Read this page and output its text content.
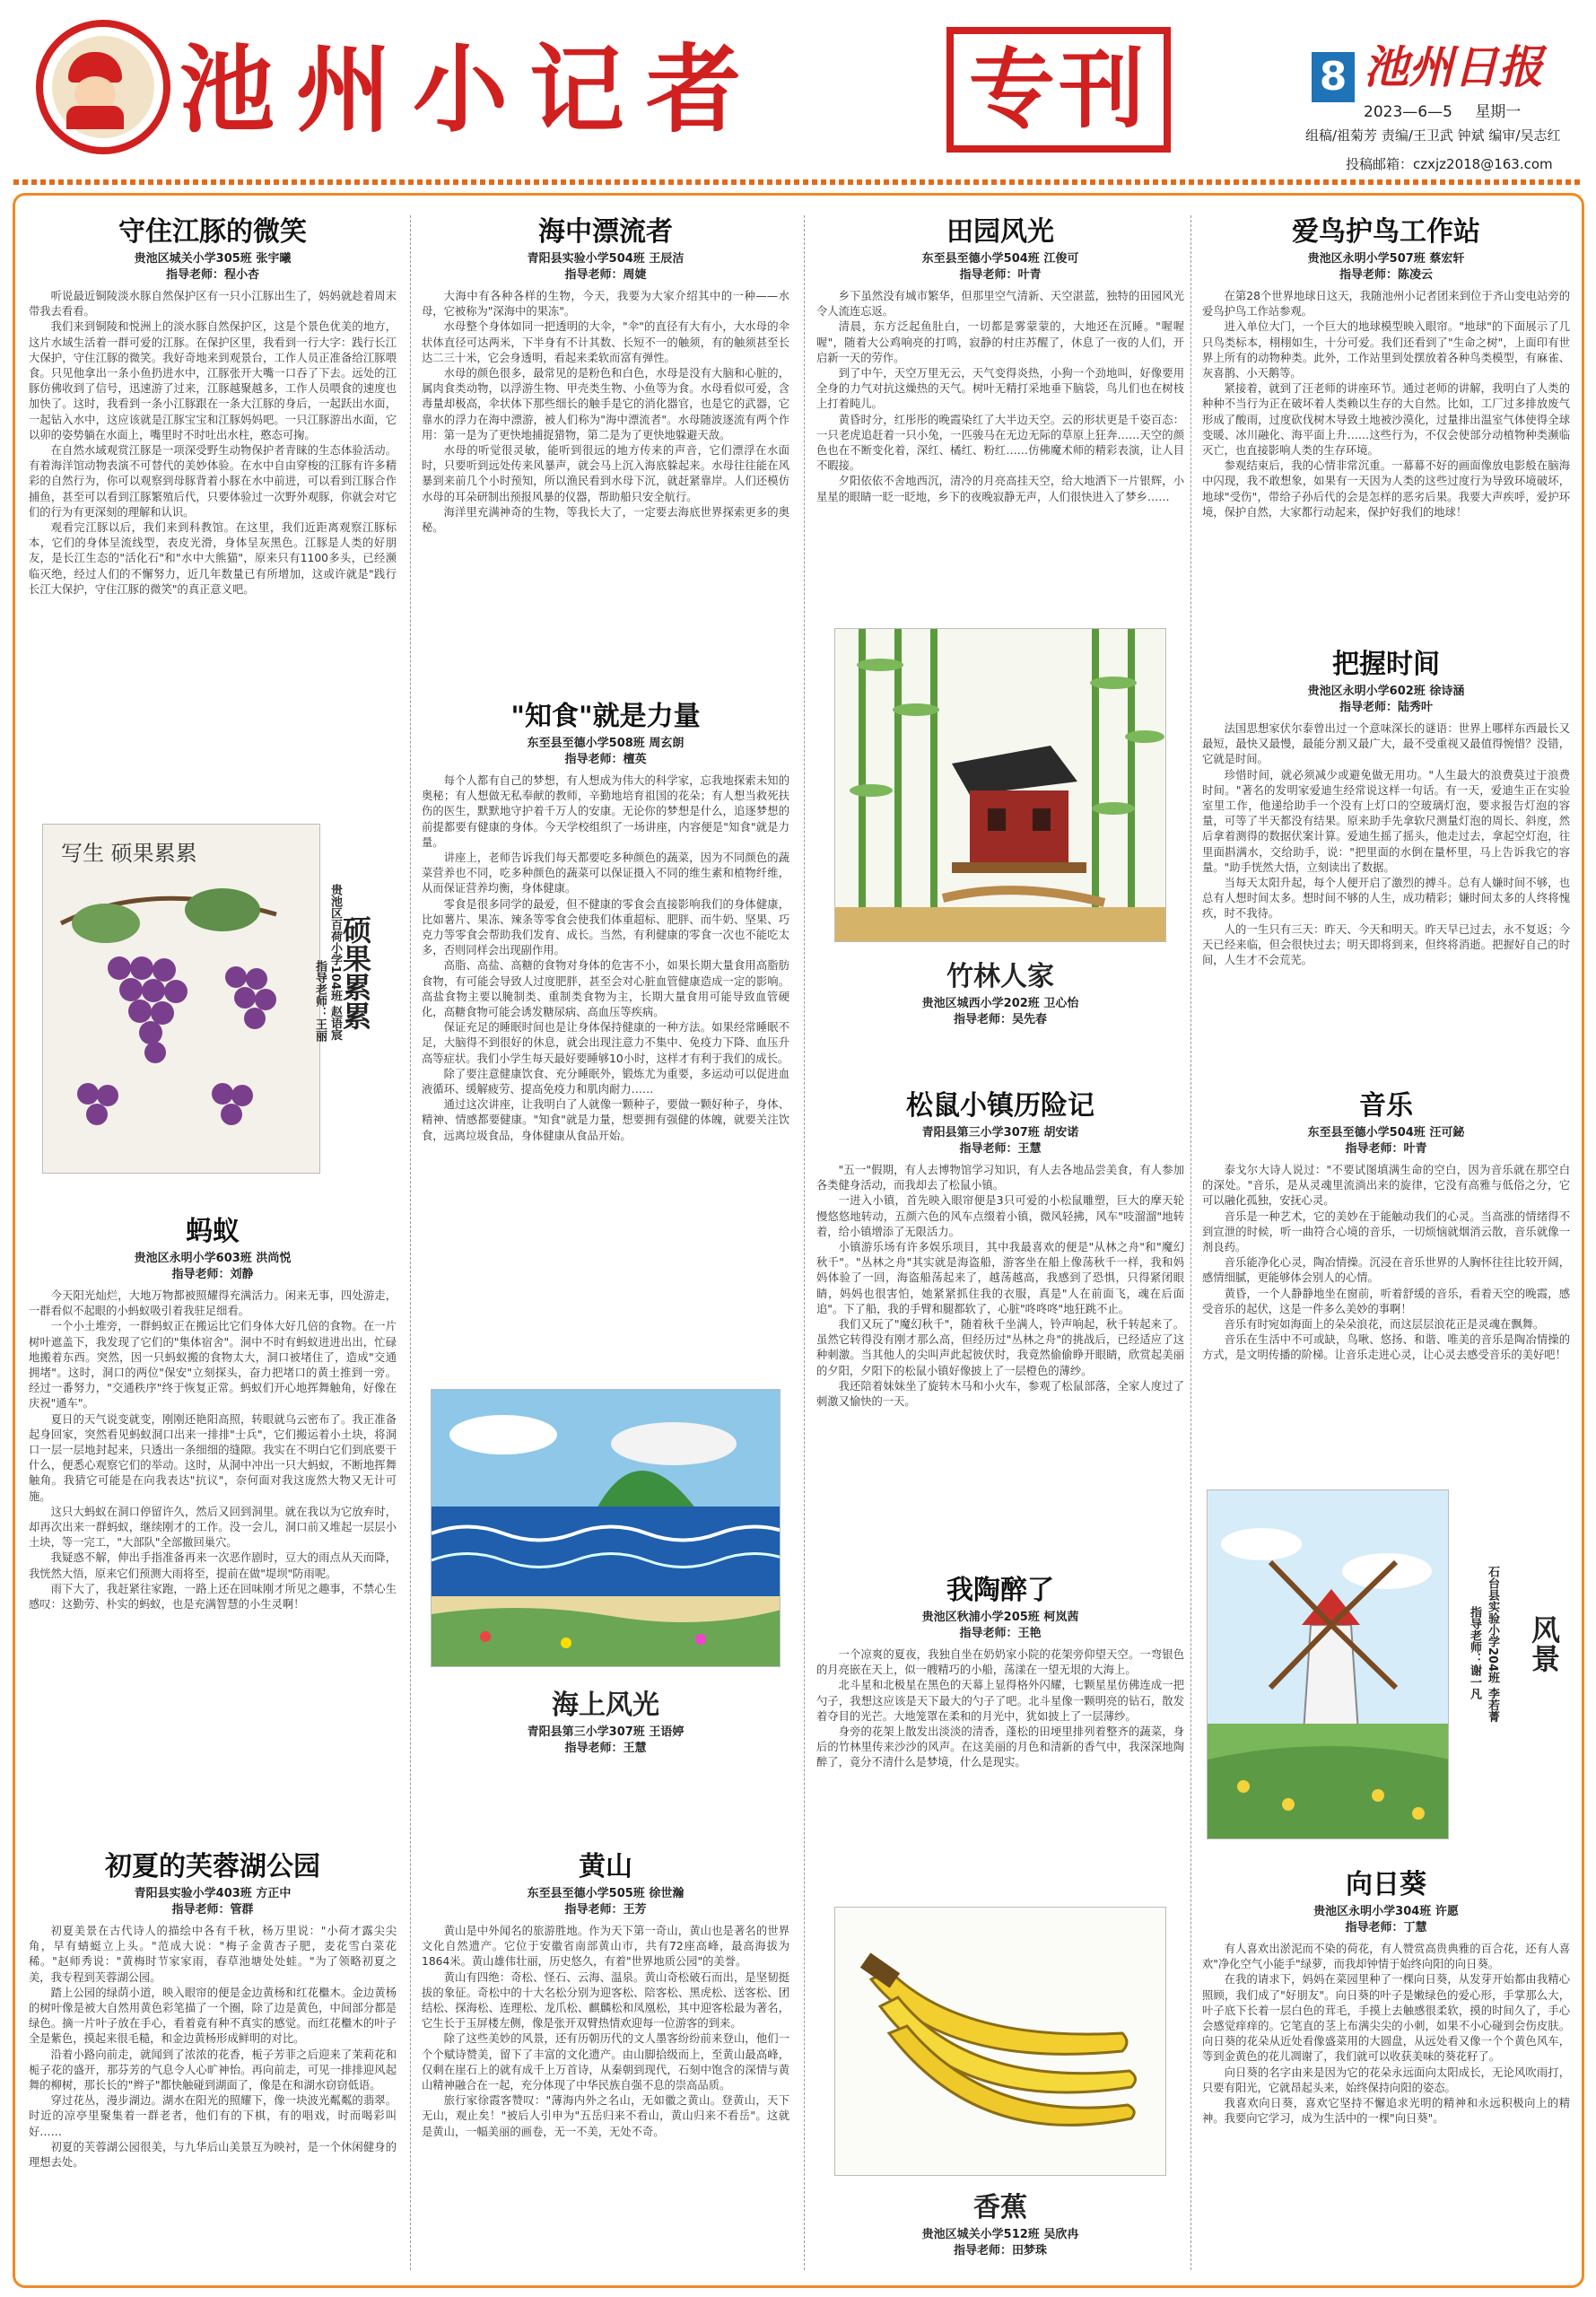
池州小记者 专刊	8 池州日报
2023—6—5 星期一
组稿/祖菊芳 责编/王卫武 钟斌 编审/吴志红
投稿邮箱：czxjz2018@163.com
守住江豚的微笑

贵池区城关小学305班 张宇曦

指导老师：程小杏

听说最近铜陵淡水豚自然保护区有一只小江豚出生了，妈妈就趁着周末带我去看看。

我们来到铜陵和悦洲上的淡水豚自然保护区，这是个景色优美的地方，这片水域生活着一群可爱的江豚。在保护区里，我看到一行大字：践行长江大保护，守住江豚的微笑。我好奇地来到观景台，工作人员正准备给江豚喂食。只见他拿出一条小鱼扔进水中，江豚张开大嘴一口吞了下去。远处的江豚仿佛收到了信号，迅速游了过来，江豚越聚越多，工作人员喂食的速度也加快了。这时，我看到一条小江豚跟在一条大江豚的身后，一起跃出水面，一起钻入水中，这应该就是江豚宝宝和江豚妈妈吧。一只江豚游出水面，它以卯的姿势躺在水面上，嘴里时不时吐出水柱，憨态可掬。

在自然水域观赏江豚是一项深受野生动物保护者青睐的生态体验活动。有着海洋馆动物表演不可替代的美妙体验。在水中自由穿梭的江豚有许多精彩的自然行为，你可以观察到母豚背着小豚在水中前进，可以看到江豚合作捕鱼，甚至可以看到江豚繁殖后代，只要体验过一次野外观豚，你就会对它们的行为有更深刻的理解和认识。

观看完江豚以后，我们来到科教馆。在这里，我们近距离观察江豚标本，它们的身体呈流线型，表皮光滑，身体呈灰黑色。江豚是人类的好朋友，是长江生态的"活化石"和"水中大熊猫"，原来只有1100多头，已经濒临灭绝，经过人们的不懈努力，近几年数量已有所增加，这或许就是"践行长江大保护，守住江豚的微笑"的真正意义吧。

写生 硕果累累
硕果累累
贵池区百荷小学104班 赵语宸
指导老师：王丽
蚂蚁

贵池区永明小学603班 洪尚悦

指导老师：刘静

今天阳光灿烂，大地万物都被照耀得充满活力。闲来无事，四处游走，一群看似不起眼的小蚂蚁吸引着我驻足细看。

一个小土堆旁，一群蚂蚁正在搬运比它们身体大好几倍的食物。在一片树叶遮盖下，我发现了它们的"集体宿舍"。洞中不时有蚂蚁进进出出，忙碌地搬着东西。突然，因一只蚂蚁搬的食物太大，洞口被堵住了，造成"交通拥堵"。这时，洞口的两位"保安"立刻探头，奋力把堵口的黄土推到一旁。经过一番努力，"交通秩序"终于恢复正常。蚂蚁们开心地挥舞触角，好像在庆祝"通车"。

夏日的天气说变就变，刚刚还艳阳高照，转眼就乌云密布了。我正准备起身回家，突然看见蚂蚁洞口出来一排排"士兵"，它们搬运着小土块，将洞口一层一层地封起来，只透出一条细细的缝隙。我实在不明白它们到底要干什么，便悉心观察它们的举动。这时，从洞中冲出一只大蚂蚁，不断地挥舞触角。我猜它可能是在向我表达"抗议"，奈何面对我这庞然大物又无计可施。

这只大蚂蚁在洞口停留许久，然后又回到洞里。就在我以为它放弃时，却再次出来一群蚂蚁，继续刚才的工作。没一会儿，洞口前又堆起一层层小土块，等一完工，"大部队"全部撤回巢穴。

我疑惑不解，伸出手指准备再来一次恶作剧时，豆大的雨点从天而降，我恍然大悟，原来它们预测大雨将至，提前在做"堤坝"防雨呢。

雨下大了，我赶紧往家跑，一路上还在回味刚才所见之趣事，不禁心生感叹：这勤劳、朴实的蚂蚁，也是充满智慧的小生灵啊！

初夏的芙蓉湖公园

青阳县实验小学403班 方正中

指导老师：管群

初夏美景在古代诗人的描绘中各有千秋，杨万里说："小荷才露尖尖角，早有蜻蜓立上头。"范成大说："梅子金黄杏子肥，麦花雪白菜花稀。"赵师秀说："黄梅时节家家雨，春草池塘处处蛙。"为了领略初夏之美，我专程到芙蓉湖公园。

踏上公园的绿荫小道，映入眼帘的便是金边黄杨和红花檵木。金边黄杨的树叶像是被大自然用黄色彩笔描了一个圈，除了边是黄色，中间部分都是绿色。摘一片叶子放在手心，看着竟有种不真实的感觉。而红花檵木的叶子全是紫色，摸起来很毛糙，和金边黄杨形成鲜明的对比。

沿着小路向前走，就闻到了浓浓的花香，栀子芳菲之后迎来了茉莉花和栀子花的盛开，那芬芳的气息令人心旷神怡。再向前走，可见一排排迎风起舞的柳树，那长长的"辫子"都快触碰到湖面了，像是在和湖水窃窃低语。

穿过花丛，漫步湖边。湖水在阳光的照耀下，像一块波光粼粼的翡翠。时近的凉亭里聚集着一群老者，他们有的下棋，有的唱戏，时而喝彩叫好……

初夏的芙蓉湖公园很美，与九华后山美景互为映衬，是一个休闲健身的理想去处。

海中漂流者

青阳县实验小学504班 王辰洁

指导老师：周婕

大海中有各种各样的生物，今天，我要为大家介绍其中的一种——水母，它被称为"深海中的果冻"。

水母整个身体如同一把透明的大伞，"伞"的直径有大有小，大水母的伞状体直径可达两米，下半身有不计其数、长短不一的触须，有的触须甚至长达二三十米，它会身透明，看起来柔软而富有弹性。

水母的颜色很多，最常见的是粉色和白色，水母是没有大脑和心脏的，属肉食类动物，以浮游生物、甲壳类生物、小鱼等为食。水母看似可爱，含毒量却极高，伞状体下那些细长的触手是它的消化器官，也是它的武器，它靠水的浮力在海中漂游，被人们称为"海中漂流者"。水母随波逐流有两个作用：第一是为了更快地捕捉猎物，第二是为了更快地躲避天敌。

水母的听觉很灵敏，能听到很远的地方传来的声音，它们漂浮在水面时，只要听到远处传来风暴声，就会马上沉入海底躲起来。水母往往能在风暴到来前几个小时预知，所以渔民看到水母下沉，就赶紧靠岸。人们还模仿水母的耳朵研制出预报风暴的仪器，帮助船只安全航行。

海洋里充满神奇的生物，等我长大了，一定要去海底世界探索更多的奥秘。

"知食"就是力量

东至县至德小学508班 周玄朗

指导老师：檀英

每个人都有自己的梦想，有人想成为伟大的科学家，忘我地探索未知的奥秘；有人想做无私奉献的教师，辛勤地培育祖国的花朵；有人想当救死扶伤的医生，默默地守护着千万人的安康。无论你的梦想是什么，追逐梦想的前提都要有健康的身体。今天学校组织了一场讲座，内容便是"知食"就是力量。

讲座上，老师告诉我们每天都要吃多种颜色的蔬菜，因为不同颜色的蔬菜营养也不同，吃多种颜色的蔬菜可以保证摄入不同的维生素和植物纤维，从而保证营养均衡，身体健康。

零食是很多同学的最爱，但不健康的零食会直接影响我们的身体健康，比如薯片、果冻、辣条等零食会使我们体重超标、肥胖、而牛奶、坚果、巧克力等零食会帮助我们发育、成长。当然，有利健康的零食一次也不能吃太多，否则同样会出现副作用。

高脂、高盐、高糖的食物对身体的危害不小，如果长期大量食用高脂肪食物，有可能会导致人过度肥胖，甚至会对心脏血管健康造成一定的影响。高盐食物主要以腌制类、重制类食物为主，长期大量食用可能导致血管硬化，高糖食物可能会诱发糖尿病、高血压等疾病。

保证充足的睡眠时间也是让身体保持健康的一种方法。如果经常睡眠不足，大脑得不到很好的休息，就会出现注意力不集中、免疫力下降、血压升高等症状。我们小学生每天最好要睡够10小时，这样才有利于我们的成长。

除了要注意健康饮食、充分睡眠外，锻炼尤为重要，多运动可以促进血液循环、缓解疲劳、提高免疫力和肌肉耐力……

通过这次讲座，让我明白了人就像一颗种子，要做一颗好种子，身体、精神、情感都要健康。"知食"就是力量，想要拥有强健的体魄，就要关注饮食，远离垃圾食品，身体健康从食品开始。

海上风光

青阳县第三小学307班 王语婷

指导老师：王慧

黄山

东至县至德小学505班 徐世瀚

指导老师：王芳

黄山是中外闻名的旅游胜地。作为天下第一奇山，黄山也是著名的世界文化自然遗产。它位于安徽省南部黄山市，共有72座高峰，最高海拔为1864米。黄山雄伟壮丽，历史悠久，有着"世界地质公园"的美誉。

黄山有四绝：奇松、怪石、云海、温泉。黄山奇松破石而出，是坚韧挺拔的象征。奇松中的十大名松分别为迎客松、陪客松、黑虎松、送客松、团结松、探海松、连理松、龙爪松、麒麟松和凤凰松，其中迎客松最为著名，它生长于玉屏楼左侧，像是张开双臂热情欢迎每一位游客的到来。

除了这些美妙的风景，还有历朝历代的文人墨客纷纷前来登山，他们一个个赋诗赞美，留下了丰富的文化遗产。由山脚拾级而上，至黄山最高峰，仅剩在崖石上的就有成千上万首诗，从秦朝到现代，石刻中饱含的深情与黄山精神融合在一起，充分体现了中华民族自强不息的崇高品质。

旅行家徐霞客赞叹："薄海内外之名山，无如徽之黄山。登黄山，天下无山，观止矣！"被后人引申为"五岳归来不看山，黄山归来不看岳"。这就是黄山，一幅美丽的画卷，无一不美，无处不奇。

田园风光

东至县至德小学504班 江俊可

指导老师：叶青

乡下虽然没有城市繁华，但那里空气清新、天空湛蓝，独特的田园风光令人流连忘返。

清晨，东方泛起鱼肚白，一切都是雾蒙蒙的，大地还在沉睡。"喔喔喔"，随着大公鸡响亮的打鸣，寂静的村庄苏醒了，休息了一夜的人们，开启新一天的劳作。

到了中午，天空万里无云，天气变得炎热，小狗一个劲地叫，好像要用全身的力气对抗这燥热的天气。树叶无精打采地垂下脑袋，鸟儿们也在树枝上打着盹儿。

黄昏时分，红彤彤的晚霞染红了大半边天空。云的形状更是千姿百态：一只老虎追赶着一只小兔，一匹骏马在无边无际的草原上狂奔……天空的颜色也在不断变化着，深红、橘红、粉红……仿佛魔术师的精彩表演，让人目不暇接。

夕阳依依不舍地西沉，清冷的月亮高挂天空，给大地洒下一片银辉，小星星的眼睛一眨一眨地，乡下的夜晚寂静无声，人们很快进入了梦乡……

竹林人家

贵池区城西小学202班 卫心怡

指导老师：吴先春

松鼠小镇历险记

青阳县第三小学307班 胡安诺

指导老师：王慧

"五一"假期，有人去博物馆学习知识，有人去各地品尝美食，有人参加各类健身活动，而我却去了松鼠小镇。

一进入小镇，首先映入眼帘便是3只可爱的小松鼠雕塑，巨大的摩天轮慢悠悠地转动，五颜六色的风车点缀着小镇，微风轻拂，风车"吱溜溜"地转着，给小镇增添了无限活力。

小镇游乐场有许多娱乐项目，其中我最喜欢的便是"从林之舟"和"魔幻秋千"。"丛林之舟"其实就是海盗船，游客坐在船上像荡秋千一样，我和妈妈体验了一回，海盗船荡起来了，越荡越高，我感到了恐惧，只得紧闭眼睛，妈妈也很害怕，她紧紧抓住我的衣服，真是"人在前面飞，魂在后面追"。下了船，我的手臂和腿都软了，心脏"咚咚咚"地狂跳不止。

我们又玩了"魔幻秋千"，随着秋千坐满人，铃声响起，秋千转起来了。虽然它转得没有刚才那么高，但经历过"丛林之舟"的挑战后，已经适应了这种刺激。当其他人的尖叫声此起彼伏时，我竟然偷偷睁开眼睛，欣赏起美丽的夕阳，夕阳下的松鼠小镇好像披上了一层橙色的薄纱。

我还陪着妹妹坐了旋转木马和小火车，参观了松鼠部落，全家人度过了刺激又愉快的一天。

我陶醉了

贵池区秋浦小学205班 柯岚茜

指导老师：王艳

一个凉爽的夏夜，我独自坐在奶奶家小院的花架旁仰望天空。一弯银色的月亮嵌在天上，似一艘精巧的小船，荡漾在一望无垠的大海上。

北斗星和北极星在黑色的天幕上显得格外闪耀，七颗星星仿佛连成一把勺子，我想这应该是天下最大的勺子了吧。北斗星像一颗明亮的钻石，散发着夺目的光芒。大地笼罩在柔和的月光中，犹如披上了一层薄纱。

身旁的花架上散发出淡淡的清香，蓬松的田埂里排列着整齐的蔬菜，身后的竹林里传来沙沙的风声。在这美丽的月色和清新的香气中，我深深地陶醉了，竟分不清什么是梦境，什么是现实。

香蕉

贵池区城关小学512班 吴欣冉

指导老师：田梦珠

爱鸟护鸟工作站

贵池区永明小学507班 蔡宏轩

指导老师：陈凌云

在第28个世界地球日这天，我随池州小记者团来到位于齐山变电站旁的爱鸟护鸟工作站参观。

进入单位大门，一个巨大的地球模型映入眼帘。"地球"的下面展示了几只鸟类标本，栩栩如生，十分可爱。我们还看到了"生命之树"，上面印有世界上所有的动物种类。此外，工作站里到处摆放着各种鸟类模型，有麻雀、灰喜鹊、小天鹅等。

紧接着，就到了汪老师的讲座环节。通过老师的讲解，我明白了人类的种种不当行为正在破坏着人类赖以生存的大自然。比如，工厂过多排放废气形成了酸雨，过度砍伐树木导致土地被沙漠化，过量排出温室气体使得全球变暖、冰川融化、海平面上升……这些行为，不仅会使部分动植物种类濒临灭亡，也直接影响人类的生存环境。

参观结束后，我的心情非常沉重。一幕幕不好的画面像放电影般在脑海中闪现，我不敢想象，如果有一天因为人类的这些过度行为导致环境破坏，地球"受伤"，带给子孙后代的会是怎样的恶劣后果。我要大声疾呼，爱护环境，保护自然，大家都行动起来，保护好我们的地球！

把握时间

贵池区永明小学602班 徐诗涵

指导老师：陆秀叶

法国思想家伏尔泰曾出过一个意味深长的谜语：世界上哪样东西最长又最短，最快又最慢，最能分割又最广大，最不受重视又最值得惋惜？没错，它就是时间。

珍惜时间，就必须减少或避免做无用功。"人生最大的浪费莫过于浪费时间。"著名的发明家爱迪生经常说这样一句话。有一天，爱迪生正在实验室里工作，他递给助手一个没有上灯口的空玻璃灯泡，要求报告灯泡的容量，可等了半天都没有结果。原来助手先拿软尺测量灯泡的周长、斜度，然后拿着测得的数据伏案计算。爱迪生摇了摇头，他走过去，拿起空灯泡，往里面斟满水，交给助手，说："把里面的水倒在量杯里，马上告诉我它的容量。"助手恍然大悟，立刻读出了数据。

当每天太阳升起，每个人便开启了激烈的搏斗。总有人嫌时间不够，也总有人想时间太多。想时间不够的人生，成功精彩；嫌时间太多的人终将愧疚，时不我待。

人的一生只有三天：昨天、今天和明天。昨天早已过去，永不复返；今天已经来临，但会很快过去；明天即将到来，但终将消逝。把握好自己的时间，人生才不会荒芜。

音乐

东至县至德小学504班 汪可鉍

指导老师：叶青

泰戈尔大诗人说过："不要试图填满生命的空白，因为音乐就在那空白的深处。"音乐，是从灵魂里流淌出来的旋律，它没有高雅与低俗之分，它可以融化孤独，安抚心灵。

音乐是一种艺术，它的美妙在于能触动我们的心灵。当高涨的情绪得不到宣泄的时候，听一曲符合心境的音乐，一切烦恼就烟消云散，音乐就像一剂良药。

音乐能净化心灵，陶冶情操。沉浸在音乐世界的人胸怀往往比较开阔，感情细腻，更能够体会别人的心情。

黄昏，一个人静静地坐在窗前，听着舒缓的音乐，看着天空的晚霞，感受音乐的起伏，这是一件多么美妙的事啊！

音乐有时宛如海面上的朵朵浪花，而这层层浪花正是灵魂在飘舞。

音乐在生活中不可或缺，鸟啾、悠扬、和谐、唯美的音乐是陶冶情操的方式，是文明传播的阶梯。让音乐走进心灵，让心灵去感受音乐的美好吧！

风景
石台县实验小学204班 李若菁
指导老师：谢一凡
向日葵

贵池区永明小学304班 许愿

指导老师：丁慧

有人喜欢出淤泥而不染的荷花，有人赞赏高贵典雅的百合花，还有人喜欢"净化空气小能手"绿萝，而我却钟情于始终向阳的向日葵。

在我的请求下，妈妈在菜园里种了一棵向日葵，从发芽开始都由我精心照顾，我们成了"好朋友"。向日葵的叶子是嫩绿色的爱心形，手掌那么大，叶子底下长着一层白色的茸毛，手摸上去触感很柔软，摸的时间久了，手心会感觉痒痒的。它笔直的茎上布满尖尖的小刺，如果不小心碰到会伤皮肤。向日葵的花朵从近处看像盛菜用的大圆盘，从远处看又像一个个黄色风车，等到金黄色的花儿凋谢了，我们就可以收获美味的葵花籽了。

向日葵的名字由来是因为它的花朵永远面向太阳成长，无论风吹雨打，只要有阳光，它就昂起头来，始终保持向阳的姿态。

我喜欢向日葵，喜欢它坚持不懈追求光明的精神和永远积极向上的精神。我要向它学习，成为生活中的一棵"向日葵"。
